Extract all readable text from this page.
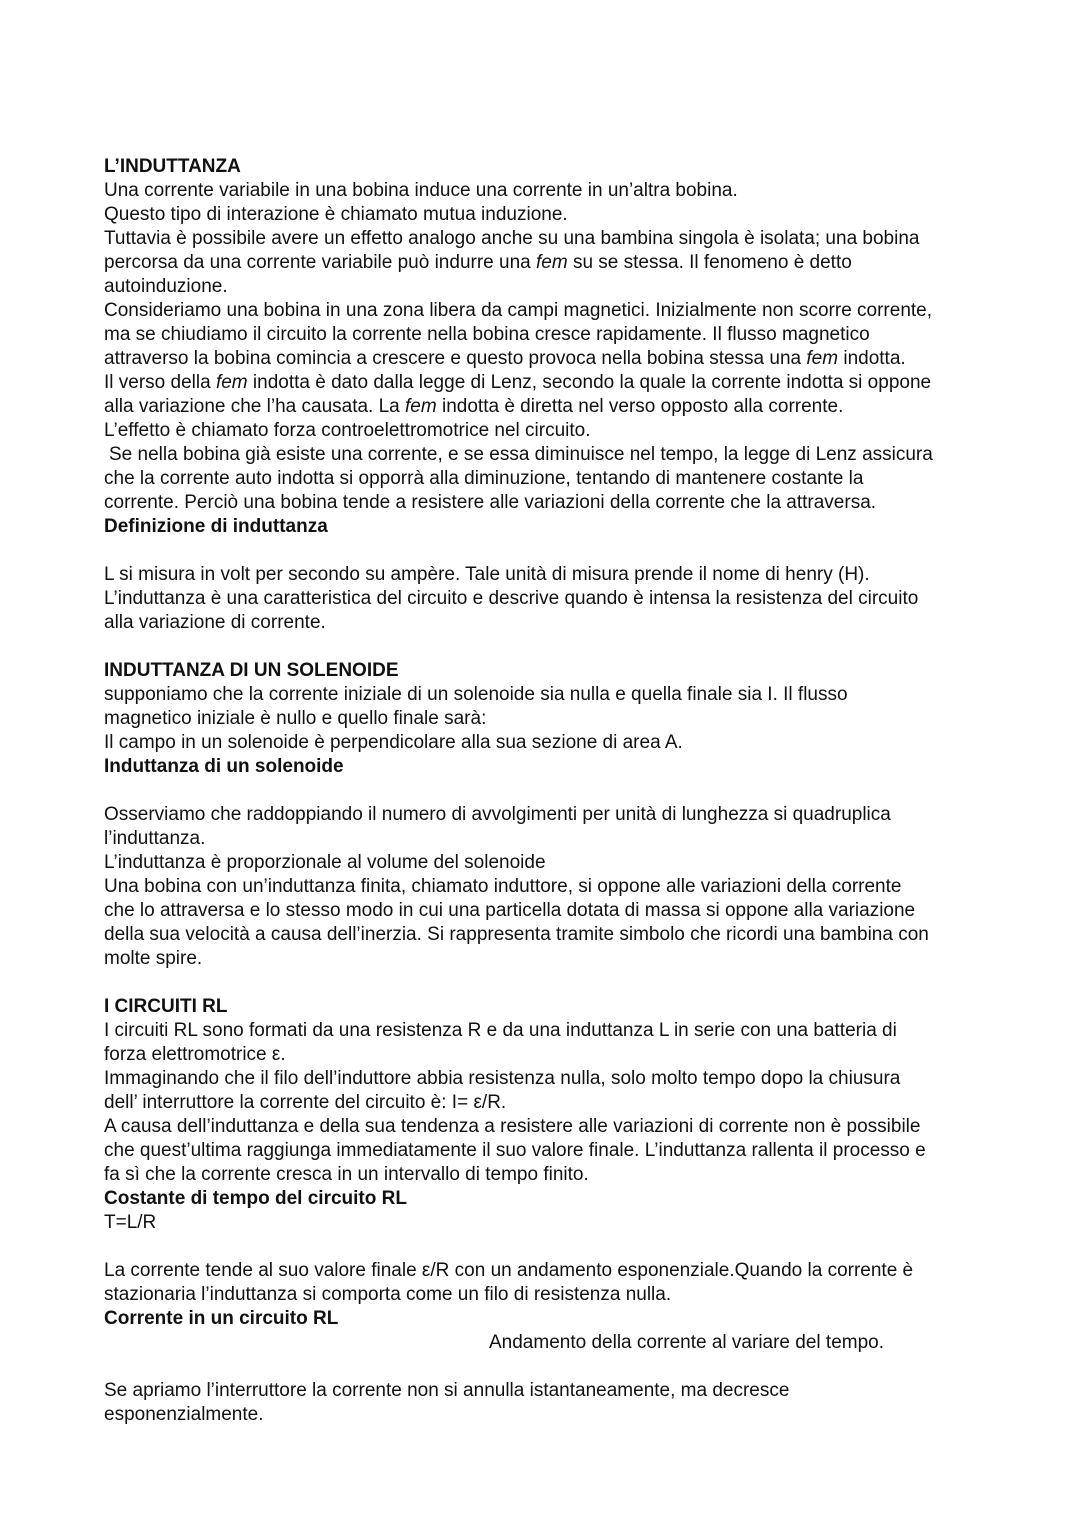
L’INDUTTANZA
Una corrente variabile in una bobina induce una corrente in un’altra bobina.
Questo tipo di interazione è chiamato mutua induzione.
Tuttavia è possibile avere un effetto analogo anche su una bambina singola è isolata; una bobina
percorsa da una corrente variabile può indurre una fem su se stessa. Il fenomeno è detto
autoinduzione.
Consideriamo una bobina in una zona libera da campi magnetici. Inizialmente non scorre corrente,
ma se chiudiamo il circuito la corrente nella bobina cresce rapidamente. Il flusso magnetico
attraverso la bobina comincia a crescere e questo provoca nella bobina stessa una fem indotta.
Il verso della fem indotta è dato dalla legge di Lenz, secondo la quale la corrente indotta si oppone
alla variazione che l’ha causata. La fem indotta è diretta nel verso opposto alla corrente.
L’effetto è chiamato forza controelettromotrice nel circuito.
Se nella bobina già esiste una corrente, e se essa diminuisce nel tempo, la legge di Lenz assicura
che la corrente auto indotta si opporrà alla diminuzione, tentando di mantenere costante la
corrente. Perciò una bobina tende a resistere alle variazioni della corrente che la attraversa.
Definizione di induttanza
L si misura in volt per secondo su ampère. Tale unità di misura prende il nome di henry (H).
L’induttanza è una caratteristica del circuito e descrive quando è intensa la resistenza del circuito
alla variazione di corrente.
INDUTTANZA DI UN SOLENOIDE
supponiamo che la corrente iniziale di un solenoide sia nulla e quella finale sia I. Il flusso
magnetico iniziale è nullo e quello finale sarà:
Il campo in un solenoide è perpendicolare alla sua sezione di area A.
Induttanza di un solenoide
Osserviamo che raddoppiando il numero di avvolgimenti per unità di lunghezza si quadruplica
l’induttanza.
L’induttanza è proporzionale al volume del solenoide
Una bobina con un’induttanza finita, chiamato induttore, si oppone alle variazioni della corrente
che lo attraversa e lo stesso modo in cui una particella dotata di massa si oppone alla variazione
della sua velocità a causa dell’inerzia. Si rappresenta tramite simbolo che ricordi una bambina con
molte spire.
I CIRCUITI RL
I circuiti RL sono formati da una resistenza R e da una induttanza L in serie con una batteria di
forza elettromotrice ε.
Immaginando che il filo dell’induttore abbia resistenza nulla, solo molto tempo dopo la chiusura
dell’ interruttore la corrente del circuito è: I= ε/R.
A causa dell’induttanza e della sua tendenza a resistere alle variazioni di corrente non è possibile
che quest’ultima raggiunga immediatamente il suo valore finale. L’induttanza rallenta il processo e
fa sì che la corrente cresca in un intervallo di tempo finito.
Costante di tempo del circuito RL
T=L/R
La corrente tende al suo valore finale ε/R con un andamento esponenziale.Quando la corrente è
stazionaria l’induttanza si comporta come un filo di resistenza nulla.
Corrente in un circuito RL
Andamento della corrente al variare del tempo.
Se apriamo l’interruttore la corrente non si annulla istantaneamente, ma decresce
esponenzialmente.
